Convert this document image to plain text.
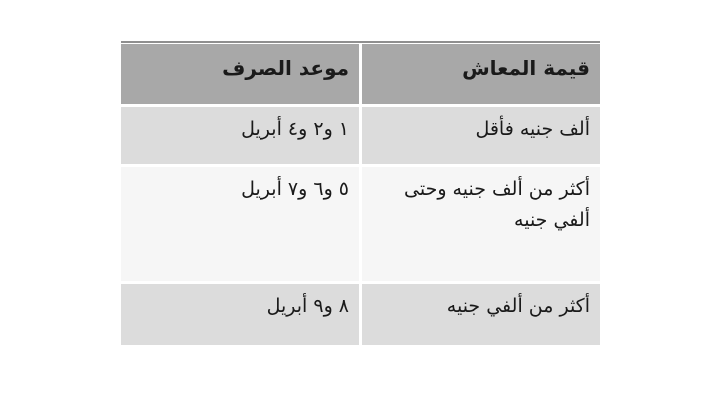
قيمة المعاش
موعد الصرف
ألف جنيه فأقل
١ و٢ و٤ أبريل
أكثر من ألف جنيه وحتى ألفي جنيه
٥ و٦ و٧ أبريل
أكثر من ألفي جنيه
٨ و٩ أبريل
